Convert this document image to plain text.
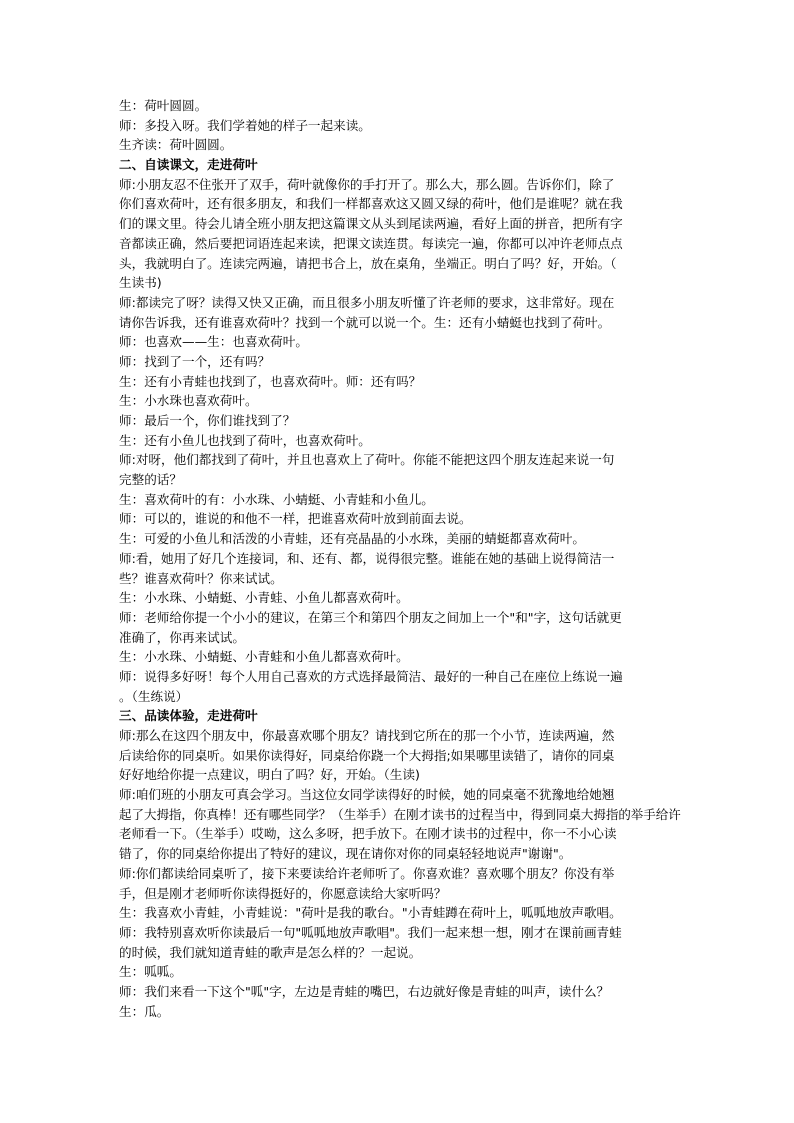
生：荷叶圆圆。
师：多投入呀。我们学着她的样子一起来读。
生齐读：荷叶圆圆。
二、自读课文，走进荷叶
师:小朋友忍不住张开了双手，荷叶就像你的手打开了。那么大，那么圆。告诉你们，除了
你们喜欢荷叶，还有很多朋友，和我们一样都喜欢这又圆又绿的荷叶，他们是谁呢？就在我
们的课文里。待会儿请全班小朋友把这篇课文从头到尾读两遍，看好上面的拼音，把所有字
音都读正确，然后要把词语连起来读，把课文读连贯。每读完一遍，你都可以冲许老师点点
头，我就明白了。连读完两遍，请把书合上，放在桌角，坐端正。明白了吗？好，开始。（
生读书)
师:都读完了呀？读得又快又正确，而且很多小朋友听懂了许老师的要求，这非常好。现在
请你告诉我，还有谁喜欢荷叶？找到一个就可以说一个。生：还有小蜻蜓也找到了荷叶。
师：也喜欢——生：也喜欢荷叶。
师：找到了一个，还有吗？
生：还有小青蛙也找到了，也喜欢荷叶。师：还有吗？
生：小水珠也喜欢荷叶。
师：最后一个，你们谁找到了？
生：还有小鱼儿也找到了荷叶，也喜欢荷叶。
师:对呀，他们都找到了荷叶，并且也喜欢上了荷叶。你能不能把这四个朋友连起来说一句
完整的话？
生：喜欢荷叶的有：小水珠、小蜻蜓、小青蛙和小鱼儿。
师：可以的，谁说的和他不一样，把谁喜欢荷叶放到前面去说。
生：可爱的小鱼儿和活泼的小青蛙，还有亮晶晶的小水珠，美丽的蜻蜓都喜欢荷叶。
师:看，她用了好几个连接词，和、还有、都，说得很完整。谁能在她的基础上说得简洁一
些？谁喜欢荷叶？你来试试。
生：小水珠、小蜻蜓、小青蛙、小鱼儿都喜欢荷叶。
师：老师给你提一个小小的建议，在第三个和第四个朋友之间加上一个"和"字，这句话就更
准确了，你再来试试。
生：小水珠、小蜻蜓、小青蛙和小鱼儿都喜欢荷叶。
师：说得多好呀！每个人用自己喜欢的方式选择最简洁、最好的一种自己在座位上练说一遍
。（生练说）
三、品读体验，走进荷叶
师:那么在这四个朋友中，你最喜欢哪个朋友？请找到它所在的那一个小节，连读两遍，然
后读给你的同桌听。如果你读得好，同桌给你跷一个大拇指;如果哪里读错了，请你的同桌
好好地给你提一点建议，明白了吗？好，开始。（生读)
师:咱们班的小朋友可真会学习。当这位女同学读得好的时候，她的同桌毫不犹豫地给她翘
起了大拇指，你真棒！还有哪些同学？（生举手）在刚才读书的过程当中，得到同桌大拇指的举手给许
老师看一下。（生举手）哎呦，这么多呀，把手放下。在刚才读书的过程中，你一不小心读
错了，你的同桌给你提出了特好的建议，现在请你对你的同桌轻轻地说声"谢谢"。
师:你们都读给同桌听了，接下来要读给许老师听了。你喜欢谁？喜欢哪个朋友？你没有举
手，但是刚才老师听你读得挺好的，你愿意读给大家听吗？
生：我喜欢小青蛙，小青蛙说："荷叶是我的歌台。"小青蛙蹲在荷叶上，呱呱地放声歌唱。
师：我特别喜欢听你读最后一句"呱呱地放声歌唱"。我们一起来想一想，刚才在课前画青蛙
的时候，我们就知道青蛙的歌声是怎么样的？一起说。
生：呱呱。
师：我们来看一下这个"呱"字，左边是青蛙的嘴巴，右边就好像是青蛙的叫声，读什么？
生：瓜。
